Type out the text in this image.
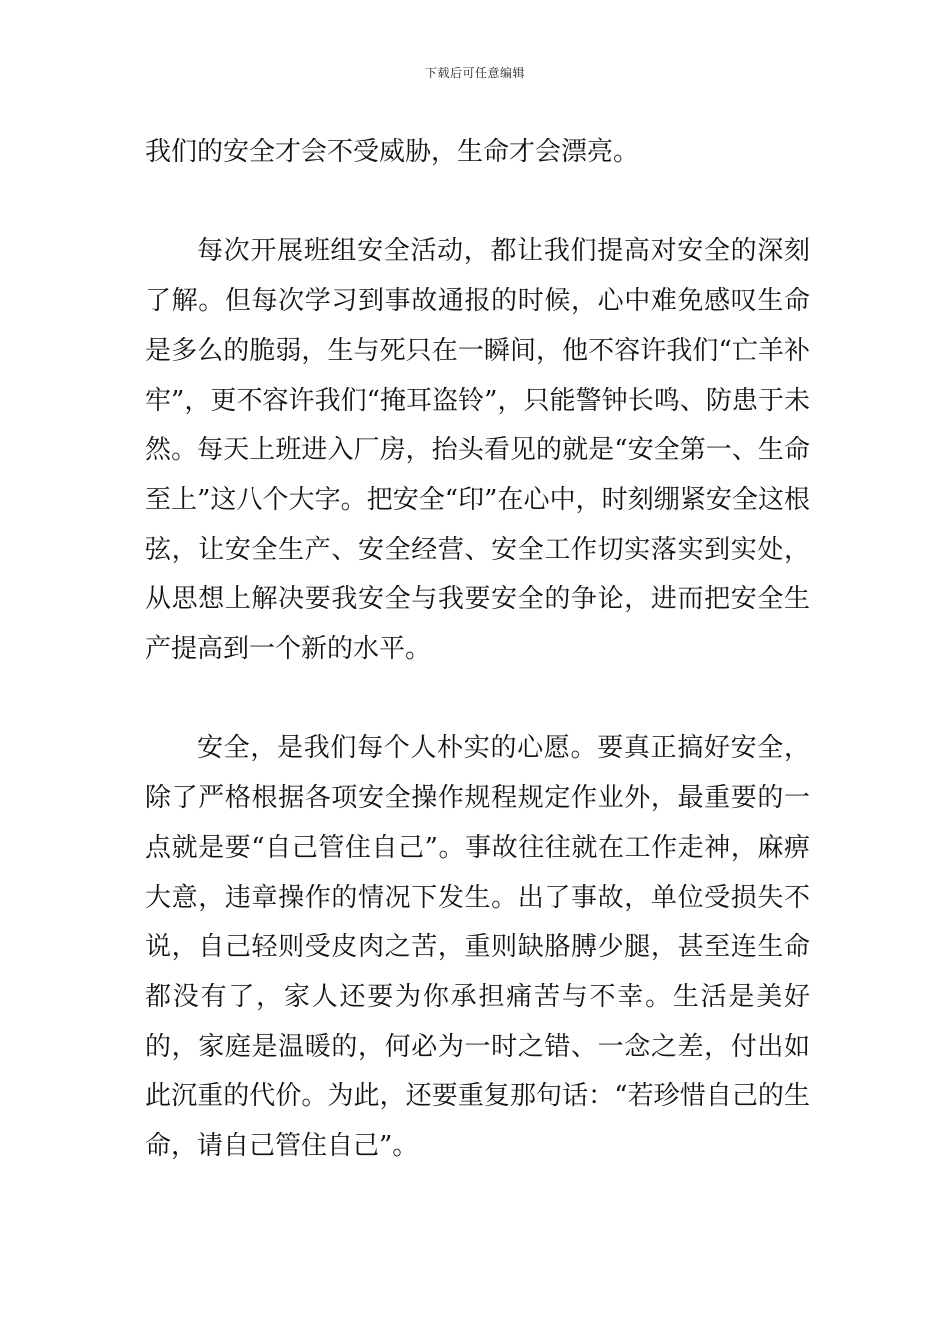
下载后可任意编辑

我们的安全才会不受威胁，生命才会漂亮。

每次开展班组安全活动，都让我们提高对安全的深刻了解。但每次学习到事故通报的时候，心中难免感叹生命是多么的脆弱，生与死只在一瞬间，他不容许我们“亡羊补牢”，更不容许我们“掩耳盗铃”，只能警钟长鸣、防患于未然。每天上班进入厂房，抬头看见的就是“安全第一、生命至上”这八个大字。把安全“印”在心中，时刻绷紧安全这根弦，让安全生产、安全经营、安全工作切实落实到实处，从思想上解决要我安全与我要安全的争论，进而把安全生产提高到一个新的水平。

安全，是我们每个人朴实的心愿。要真正搞好安全，除了严格根据各项安全操作规程规定作业外，最重要的一点就是要“自己管住自己”。事故往往就在工作走神，麻痹大意，违章操作的情况下发生。出了事故，单位受损失不说，自己轻则受皮肉之苦，重则缺胳膊少腿，甚至连生命都没有了，家人还要为你承担痛苦与不幸。生活是美好的，家庭是温暖的，何必为一时之错、一念之差，付出如此沉重的代价。为此，还要重复那句话：“若珍惜自己的生命，请自己管住自己”。
